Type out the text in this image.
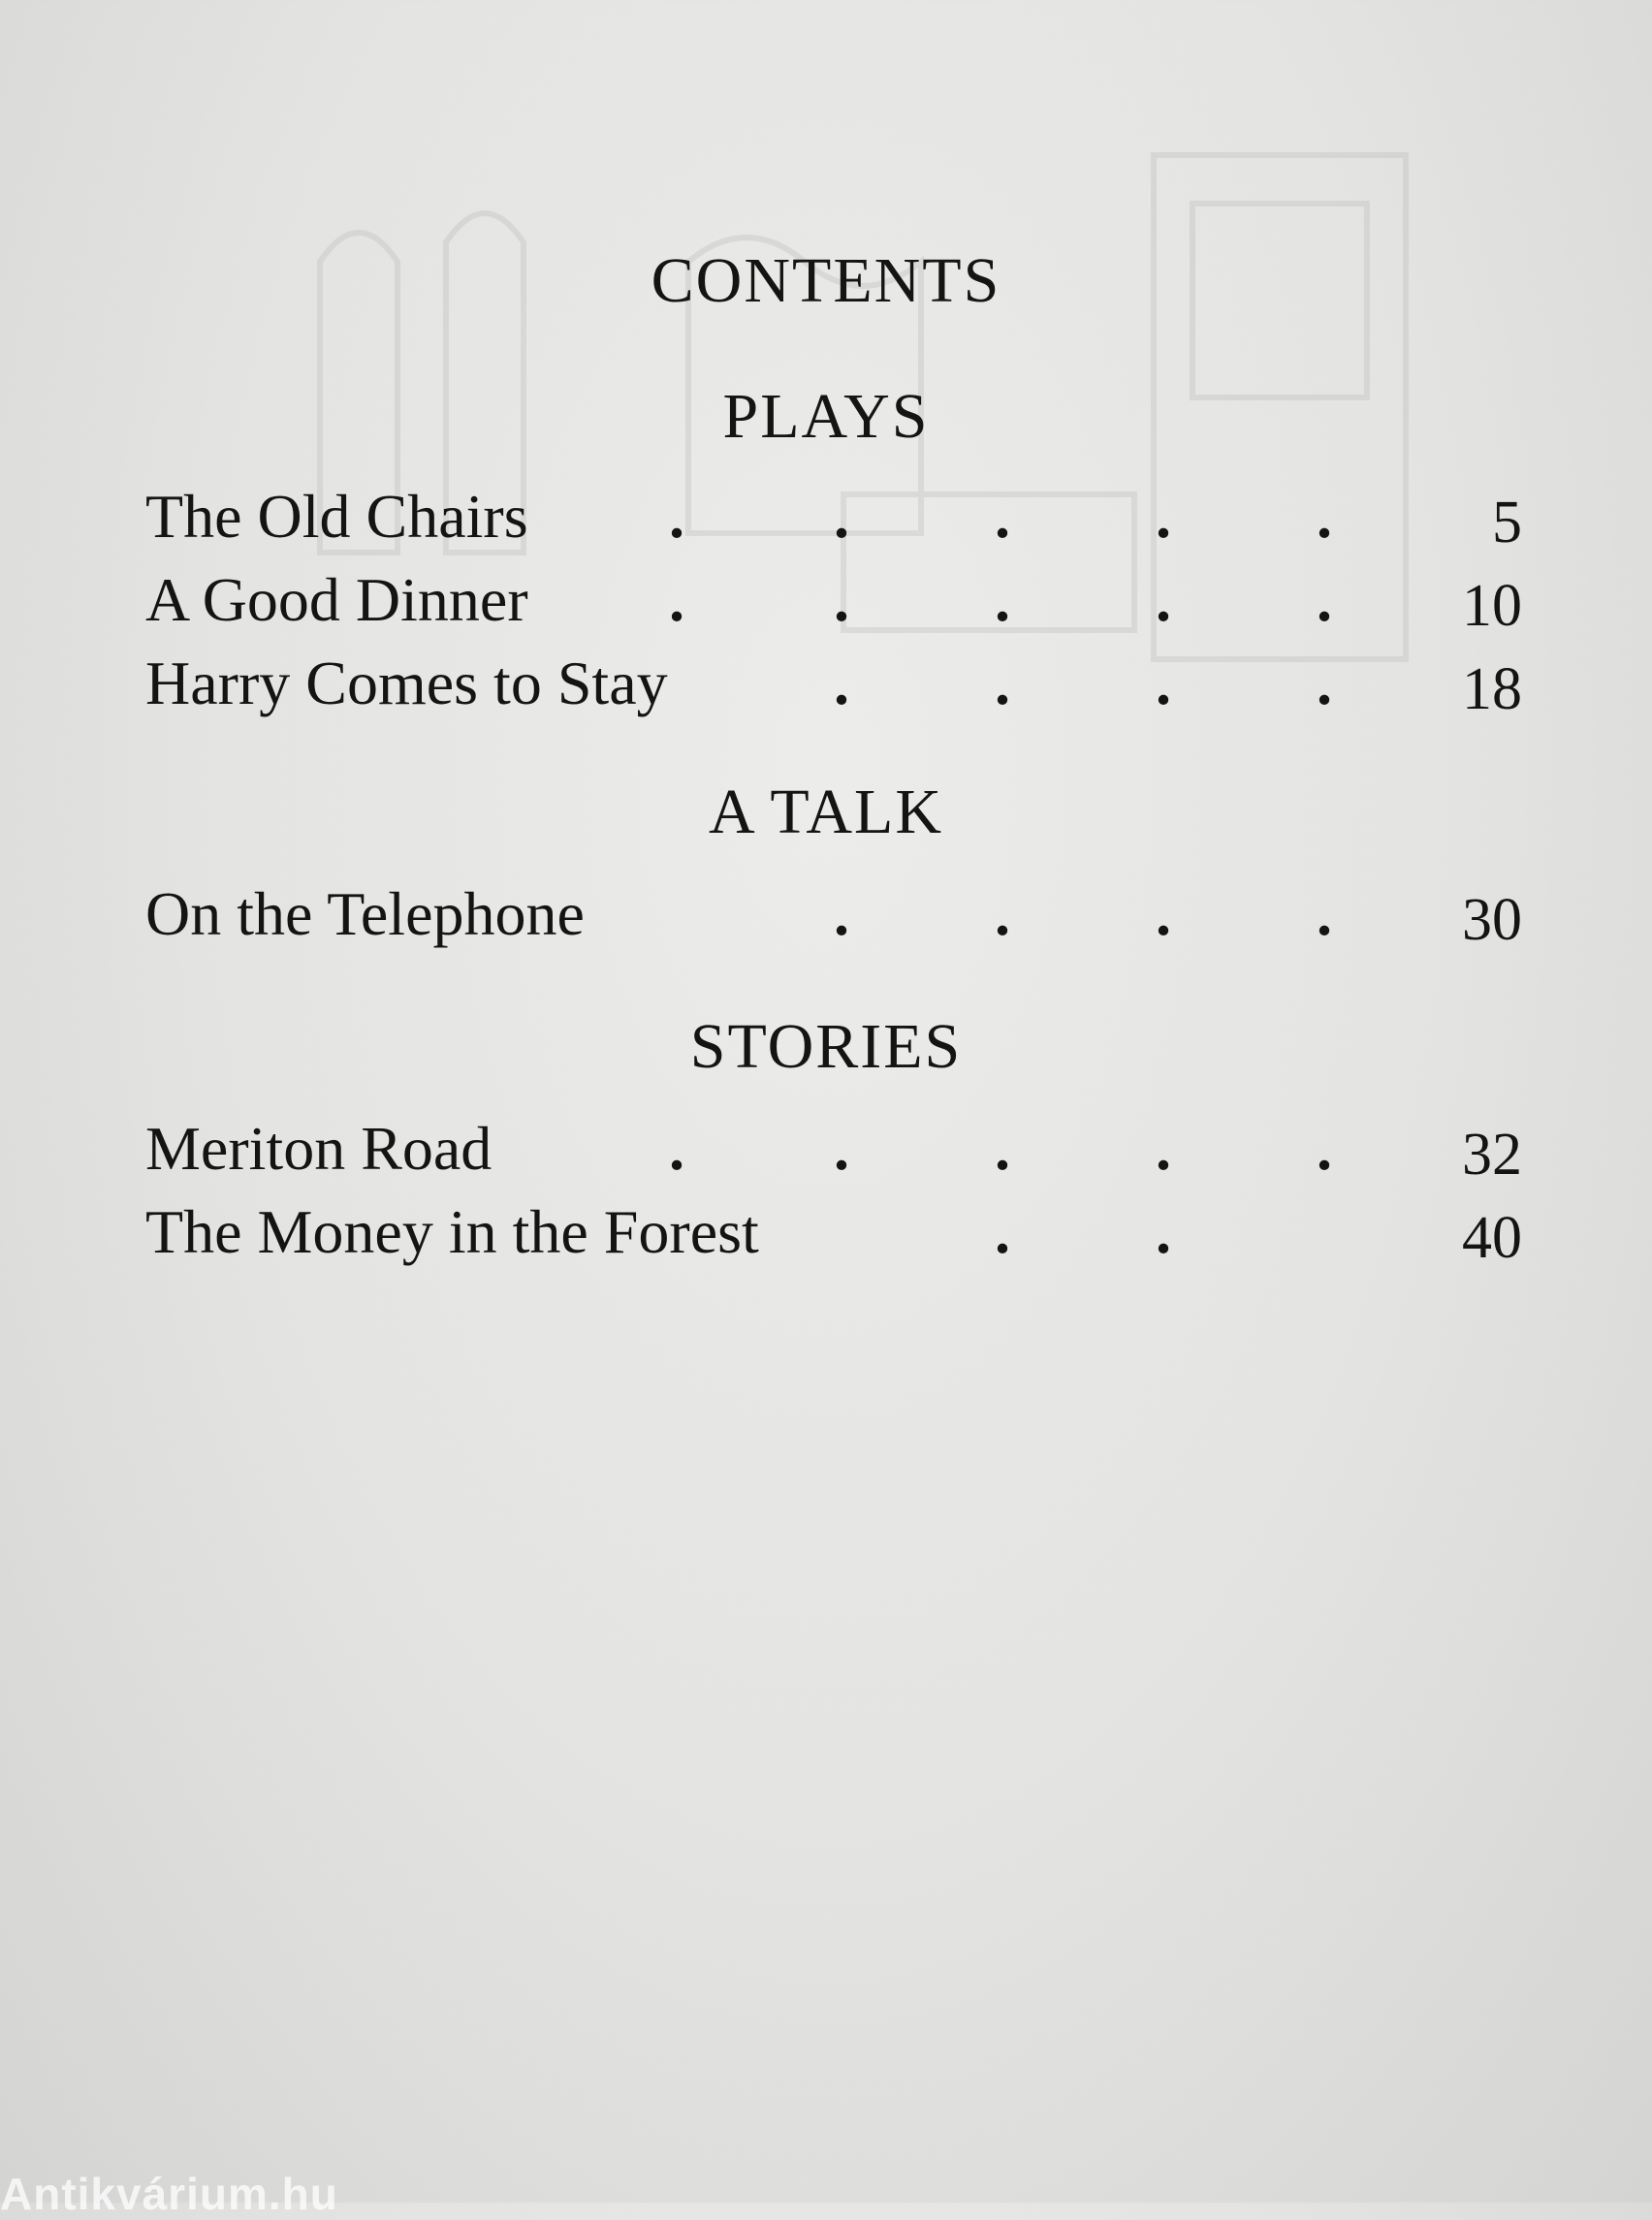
CONTENTS
PLAYS
The Old Chairs . . . . .	5
A Good Dinner . . . . . 10
Harry Comes to Stay	. . . . 18
A TALK
On the Telephone	. . . . 30
STORIES
Meriton Road	. . . . . 32
The Money in the Forest	. .	40
Antikvárium.hu
